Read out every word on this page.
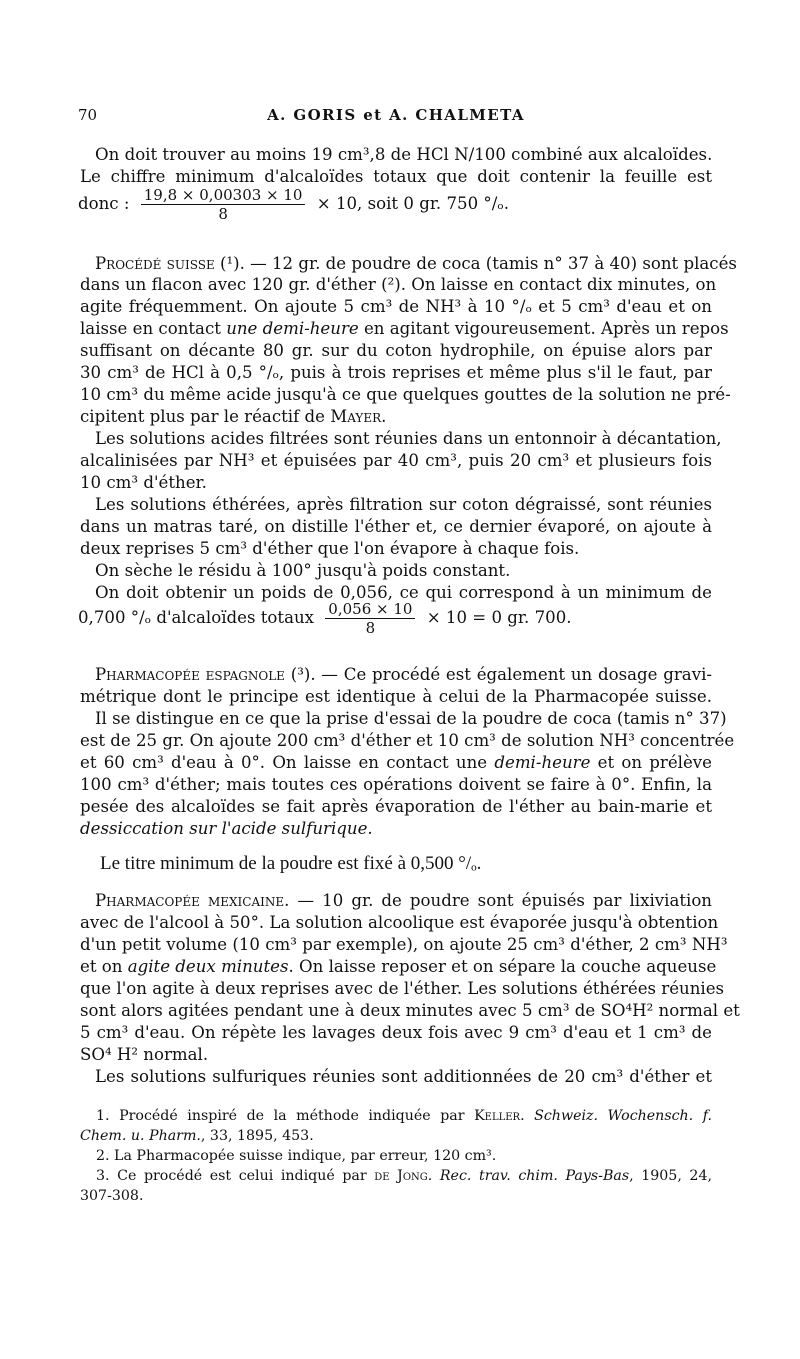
70	A. GORIS et A. CHALMETA
On doit trouver au moins 19 cm³,8 de HCl N/100 combiné aux alcaloïdes.
Le chiffre minimum d'alcaloïdes totaux que doit contenir la feuille est
donc : $\frac{19,8 \times 0,00303 \times 10}{8} \times 10$, soit 0 gr. 750 °/ₒ.
Procédé suisse (¹). — 12 gr. de poudre de coca (tamis n° 37 à 40) sont placés
dans un flacon avec 120 gr. d'éther (²). On laisse en contact dix minutes, on
agite fréquemment. On ajoute 5 cm³ de NH³ à 10 °/ₒ et 5 cm³ d'eau et on
laisse en contact une demi-heure en agitant vigoureusement. Après un repos
suffisant on décante 80 gr. sur du coton hydrophile, on épuise alors par
30 cm³ de HCl à 0,5 °/ₒ, puis à trois reprises et même plus s'il le faut, par
10 cm³ du même acide jusqu'à ce que quelques gouttes de la solution ne pré-
cipitent plus par le réactif de Mayer.
Les solutions acides filtrées sont réunies dans un entonnoir à décantation,
alcalinisées par NH³ et épuisées par 40 cm³, puis 20 cm³ et plusieurs fois
10 cm³ d'éther.
Les solutions éthérées, après filtration sur coton dégraissé, sont réunies
dans un matras taré, on distille l'éther et, ce dernier évaporé, on ajoute à
deux reprises 5 cm³ d'éther que l'on évapore à chaque fois.
On sèche le résidu à 100° jusqu'à poids constant.
On doit obtenir un poids de 0,056, ce qui correspond à un minimum de
0,700 °/ₒ d'alcaloïdes totaux $\frac{0,056 \times 10}{8} \times 10 = 0$ gr. 700.
Pharmacopée espagnole (³). — Ce procédé est également un dosage gravi-
métrique dont le principe est identique à celui de la Pharmacopée suisse.
Il se distingue en ce que la prise d'essai de la poudre de coca (tamis n° 37)
est de 25 gr. On ajoute 200 cm³ d'éther et 10 cm³ de solution NH³ concentrée
et 60 cm³ d'eau à 0°. On laisse en contact une demi-heure et on prélève
100 cm³ d'éther; mais toutes ces opérations doivent se faire à 0°. Enfin, la
pesée des alcaloïdes se fait après évaporation de l'éther au bain-marie et
dessiccation sur l'acide sulfurique.
Le titre minimum de la poudre est fixé à 0,500 °/ₒ.
Pharmacopée mexicaine. — 10 gr. de poudre sont épuisés par lixiviation
avec de l'alcool à 50°. La solution alcoolique est évaporée jusqu'à obtention
d'un petit volume (10 cm³ par exemple), on ajoute 25 cm³ d'éther, 2 cm³ NH³
et on agite deux minutes. On laisse reposer et on sépare la couche aqueuse
que l'on agite à deux reprises avec de l'éther. Les solutions éthérées réunies
sont alors agitées pendant une à deux minutes avec 5 cm³ de SO⁴H² normal et
5 cm³ d'eau. On répète les lavages deux fois avec 9 cm³ d'eau et 1 cm³ de
SO⁴ H² normal.
Les solutions sulfuriques réunies sont additionnées de 20 cm³ d'éther et
1. Procédé inspiré de la méthode indiquée par Keller. Schweiz. Wochensch. f.
Chem. u. Pharm., 33, 1895, 453.
2. La Pharmacopée suisse indique, par erreur, 120 cm³.
3. Ce procédé est celui indiqué par de Jong. Rec. trav. chim. Pays-Bas, 1905, 24,
307-308.
